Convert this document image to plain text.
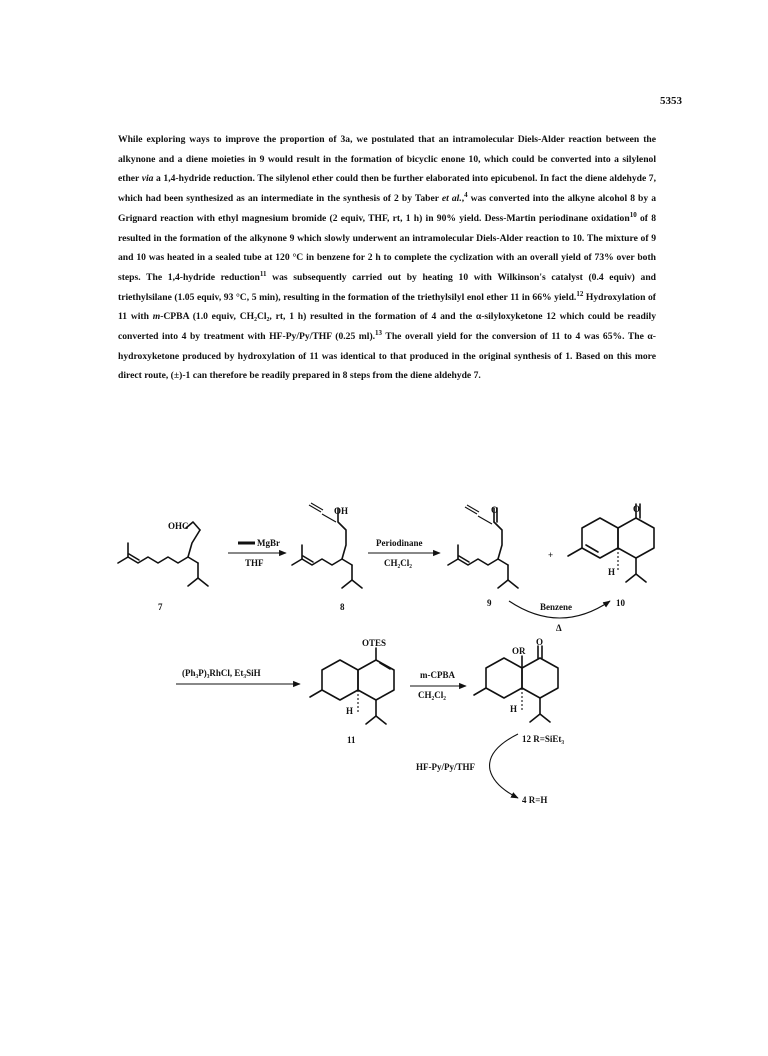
5353

While exploring ways to improve the proportion of 3a, we postulated that an intramolecular Diels-Alder reaction between the alkynone and a diene moieties in 9 would result in the formation of bicyclic enone 10, which could be converted into a silylenol ether via a 1,4-hydride reduction. The silylenol ether could then be further elaborated into epicubenol. In fact the diene aldehyde 7, which had been synthesized as an intermediate in the synthesis of 2 by Taber et al.,$^4$ was converted into the alkyne alcohol 8 by a Grignard reaction with ethyl magnesium bromide (2 equiv, THF, rt, 1 h) in 90% yield. Dess-Martin periodinane oxidation$^{10}$ of 8 resulted in the formation of the alkynone 9 which slowly underwent an intramolecular Diels-Alder reaction to 10. The mixture of 9 and 10 was heated in a sealed tube at 120 °C in benzene for 2 h to complete the cyclization with an overall yield of 73% over both steps. The 1,4-hydride reduction$^{11}$ was subsequently carried out by heating 10 with Wilkinson's catalyst (0.4 equiv) and triethylsilane (1.05 equiv, 93 °C, 5 min), resulting in the formation of the triethylsilyl enol ether 11 in 66% yield.$^{12}$ Hydroxylation of 11 with m-CPBA (1.0 equiv, CH₂Cl₂, rt, 1 h) resulted in the formation of 4 and the α-silyloxyketone 12 which could be readily converted into 4 by treatment with HF-Py/Py/THF (0.25 ml).$^{13}$ The overall yield for the conversion of 11 to 4 was 65%. The α-hydroxyketone produced by hydroxylation of 11 was identical to that produced in the original synthesis of 1. Based on this more direct route, (±)-1 can therefore be readily prepared in 8 steps from the diene aldehyde 7.

OHC
7
MgBr
THF
OH
8
Periodinane
CH₂Cl₂
O
9
+
O
H
Benzene
Δ
10
(Ph₃P)₃RhCl, Et₃SiH
OTES
H
11
m-CPBA
CH₂Cl₂
OR
O
H
12 R=SiEt₃
HF-Py/Py/THF
4 R=H
